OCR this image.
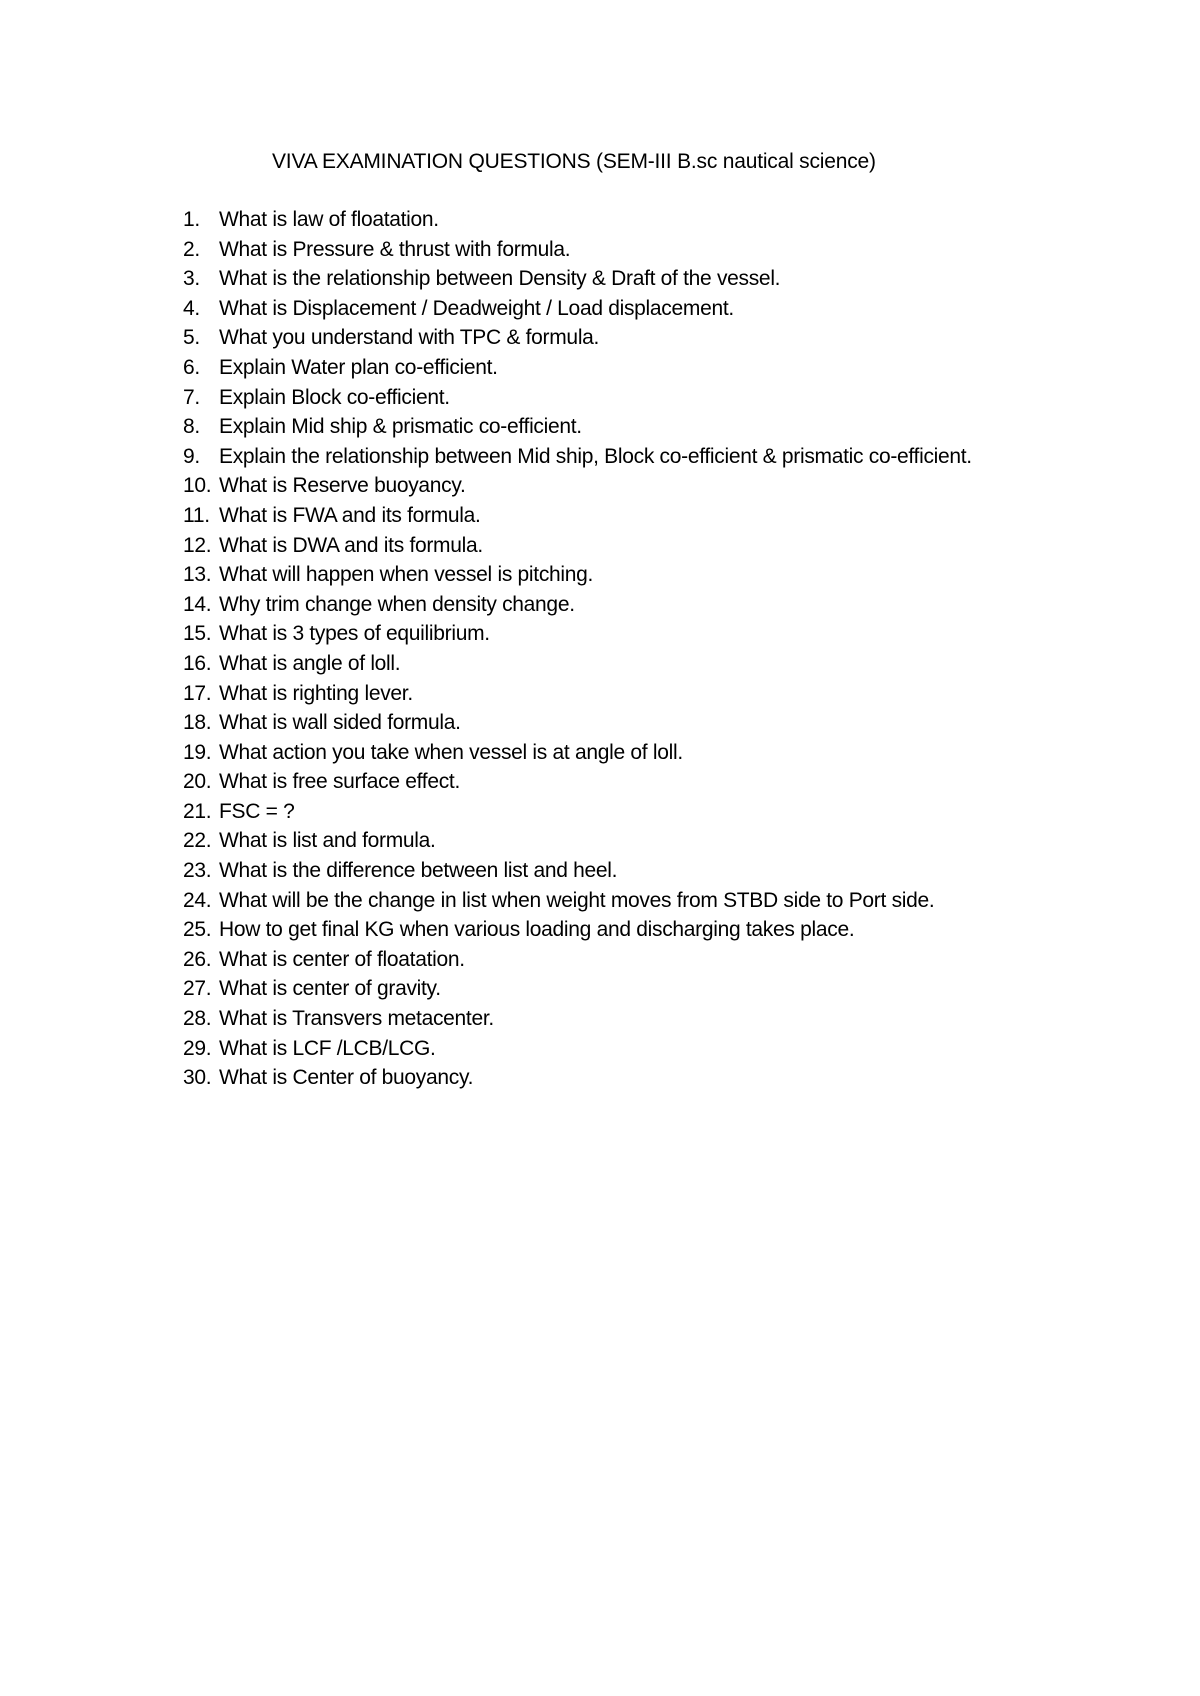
VIVA EXAMINATION QUESTIONS (SEM-III B.sc nautical science)
1. What is law of floatation.
2. What is Pressure & thrust with formula.
3. What is the relationship between Density & Draft of the vessel.
4. What is Displacement / Deadweight / Load displacement.
5. What you understand with TPC & formula.
6. Explain Water plan co-efficient.
7. Explain Block co-efficient.
8. Explain Mid ship & prismatic co-efficient.
9. Explain the relationship between Mid ship, Block co-efficient & prismatic co-efficient.
10. What is Reserve buoyancy.
11. What is FWA and its formula.
12. What is DWA and its formula.
13. What will happen when vessel is pitching.
14. Why trim change when density change.
15. What is 3 types of equilibrium.
16. What is angle of loll.
17. What is righting lever.
18. What is wall sided formula.
19. What action you take when vessel is at angle of loll.
20. What is free surface effect.
21. FSC = ?
22. What is list and formula.
23. What is the difference between list and heel.
24. What will be the change in list when weight moves from STBD side to Port side.
25. How to get final KG when various loading and discharging takes place.
26. What is center of floatation.
27. What is center of gravity.
28. What is Transvers metacenter.
29. What is LCF /LCB/LCG.
30. What is Center of buoyancy.
